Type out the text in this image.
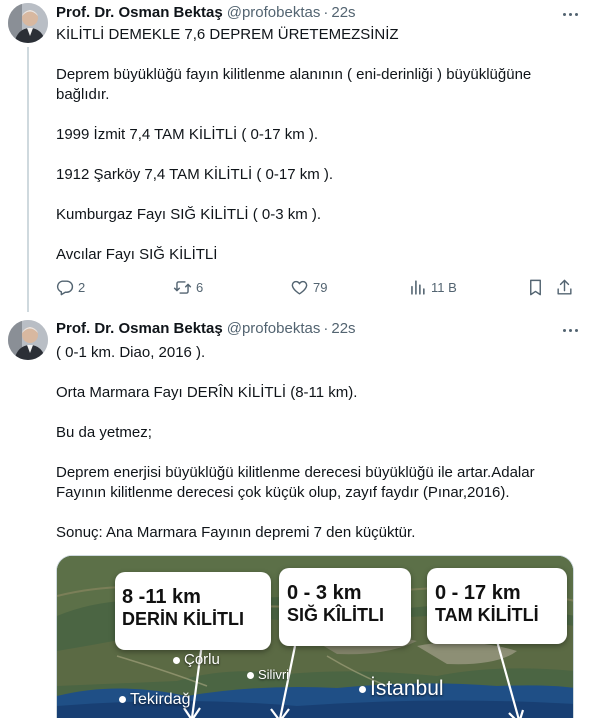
Prof. Dr. Osman Bektaş @profobektas · 22s

KİLİTLİ DEMEKLE 7,6 DEPREM ÜRETEMEZSİNİZ

Deprem büyüklüğü fayın kilitlenme alanının ( eni-derinliği ) büyüklüğüne

bağlıdır.

1999 İzmit 7,4 TAM KİLİTLİ ( 0-17 km ).

1912 Şarköy 7,4 TAM KİLİTLİ ( 0-17 km ).

Kumburgaz Fayı SIĞ KİLİTLİ ( 0-3 km ).

Avcılar Fayı SIĞ KİLİTLİ

2	6	79	11 B
Prof. Dr. Osman Bektaş @profobektas · 22s

( 0-1 km. Diao, 2016 ).

Orta Marmara Fayı DERÎN KİLİTLİ (8-11 km).

Bu da yetmez;

Deprem enerjisi büyüklüğü kilitlenme derecesi büyüklüğü ile artar.Adalar

Fayının kilitlenme derecesi çok küçük olup, zayıf faydır (Pınar,2016).

Sonuç: Ana Marmara Fayının depremi 7 den küçüktür.

8 -11 km
DERİN KİLİTLI
0 - 3 km
SIĞ KÎLİTLI
0 - 17 km
TAM KİLİTLİ
Çorlu
Silivri
İstanbul
Tekirdağ
